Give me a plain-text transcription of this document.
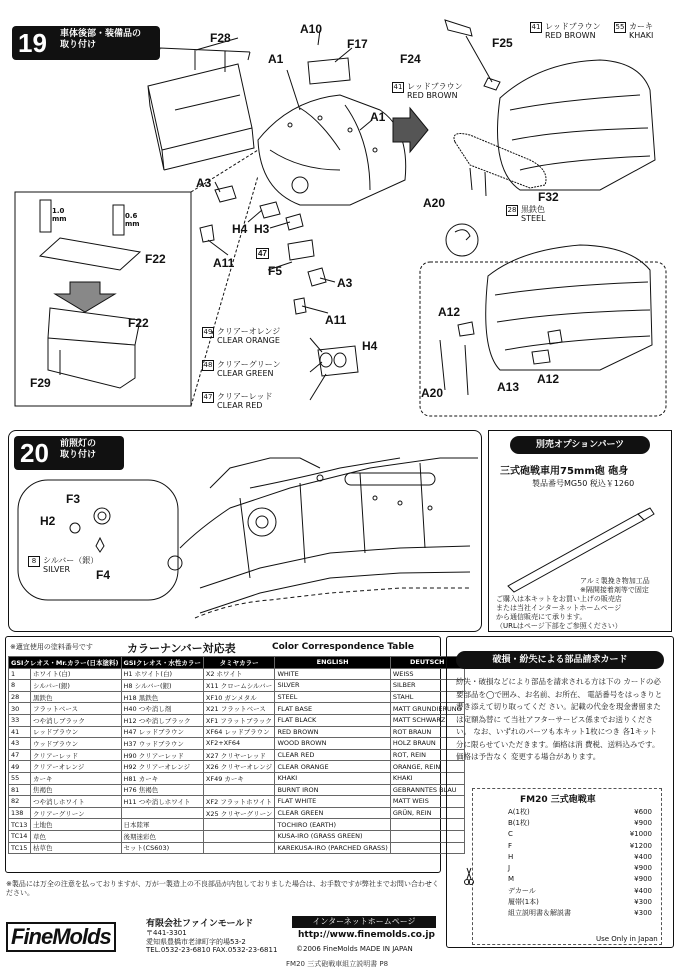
19 車体後部・装備品の
取り付け	F28
A10
A1
F17
A1
A3
H4 H3
A11
47
F5
A3
A11
F22
F22
F29
H4
F24
F25
A20	F32
A12
A12
A13
A20
1.0
mm	0.6
mm
49 クリアーオレンジ
CLEAR ORANGE
48 クリアーグリーン
CLEAR GREEN
47 クリアーレッド
CLEAR RED
41 レッドブラウン
RED BROWN
55 カーキ
KHAKI
41 レッドブラウン
RED BROWN
28 黒鉄色
STEEL
20 前照灯の
取り付け
F3
H2
F4
8 シルバー（銀）
SILVER
別売オプションパーツ
三式砲戦車用75mm砲 砲身
製品番号MG50 税込￥1260
アルミ製挽き物加工品
※隔開接着剤等で固定
ご購入は本キットをお買い上げの販売店
または当社インターネットホームページ
から通信販売にて承ります。
（URLはページ下部をご参照ください）
※適宜使用の塗料番号です	カラーナンバー対応表	Color Correspondence Table
GSIクレオス・Mr.カラー(日本塗料)		GSIクレオス・水性カラー	タミヤカラー	ENGLISH	DEUTSCH
1	ホワイト(白)	H1 ホワイト(白)	X2 ホワイト	WHITE	WEISS
8	シルバー(銀)	H8 シルバー(銀)	X11 クロームシルバー	SILVER	SILBER
28	黒鉄色	H18 黒鉄色	XF10 ガンメタル	STEEL	STAHL
30	フラットベース	H40 つや消し剤	X21 フラットベース	FLAT BASE	MATT GRUNDIERUNG
33	つや消しブラック	H12 つや消しブラック	XF1 フラットブラック	FLAT BLACK	MATT SCHWARZ
41	レッドブラウン	H47 レッドブラウン	XF64 レッドブラウン	RED BROWN	ROT BRAUN
43	ウッドブラウン	H37 ウッドブラウン	XF2+XF64	WOOD BROWN	HOLZ BRAUN
47	クリアーレッド	H90 クリアーレッド	X27 クリヤーレッド	CLEAR RED	ROT, REIN
49	クリアーオレンジ	H92 クリアーオレンジ	X26 クリヤーオレンジ	CLEAR ORANGE	ORANGE, REIN
55	カーキ	H81 カーキ	XF49 カーキ	KHAKI	KHAKI
81	焦褐色	H76 焦褐色		BURNT IRON	GEBRANNTES BLAU
82	つや消しホワイト	H11 つや消しホワイト	XF2 フラットホワイト	FLAT WHITE	MATT WEIS
138	クリアーグリーン		X25 クリヤーグリーン	CLEAR GREEN	GRÜN, REIN
TC13	土地色	日本陸軍		TOCHIRO (EARTH)	
TC14	草色	後期迷彩色		KUSA-IRO (GRASS GREEN)	
TC15	枯草色	セット(CS603)		KAREKUSA-IRO (PARCHED GRASS)	
破損・紛失による部品請求カード
紛失・破損などにより部品を請求される方は下の カードの必要部品を◯で囲み、お名前、お所在、 電話番号をはっきりと書き添えて切り取ってくだ さい。記載の代金を現金書留または定額為替に て当社アフターサービス係までお送りください。 なお、いずれのパーツも本キット1枚につき 各1キット分に限らせていただきます。価格は消 費税、送料込みです。価格は予告なく 変更する場合があります。
FM20 三式砲戦車
A(1枚)	¥600
B(1枚)	¥900
C	¥1000
F	¥1200
H	¥400
J	¥900
M	¥900
デカール	¥400
履帯(1本)	¥300
組立説明書＆解説書	¥300
Use Only in Japan
※製品には万全の注意を払っておりますが、万が一製造上の不良部品が内包しておりました場合は、お手数ですが弊社までお問い合わせください。
FineMolds	有限会社ファインモールド
〒441-3301
愛知県豊橋市老津町字的場53-2
TEL.0532-23-6810 FAX.0532-23-6811
インターネットホームページ
http://www.finemolds.co.jp
©2006 FineMolds MADE IN JAPAN
FM20 三式砲戦車組立説明書 P8
